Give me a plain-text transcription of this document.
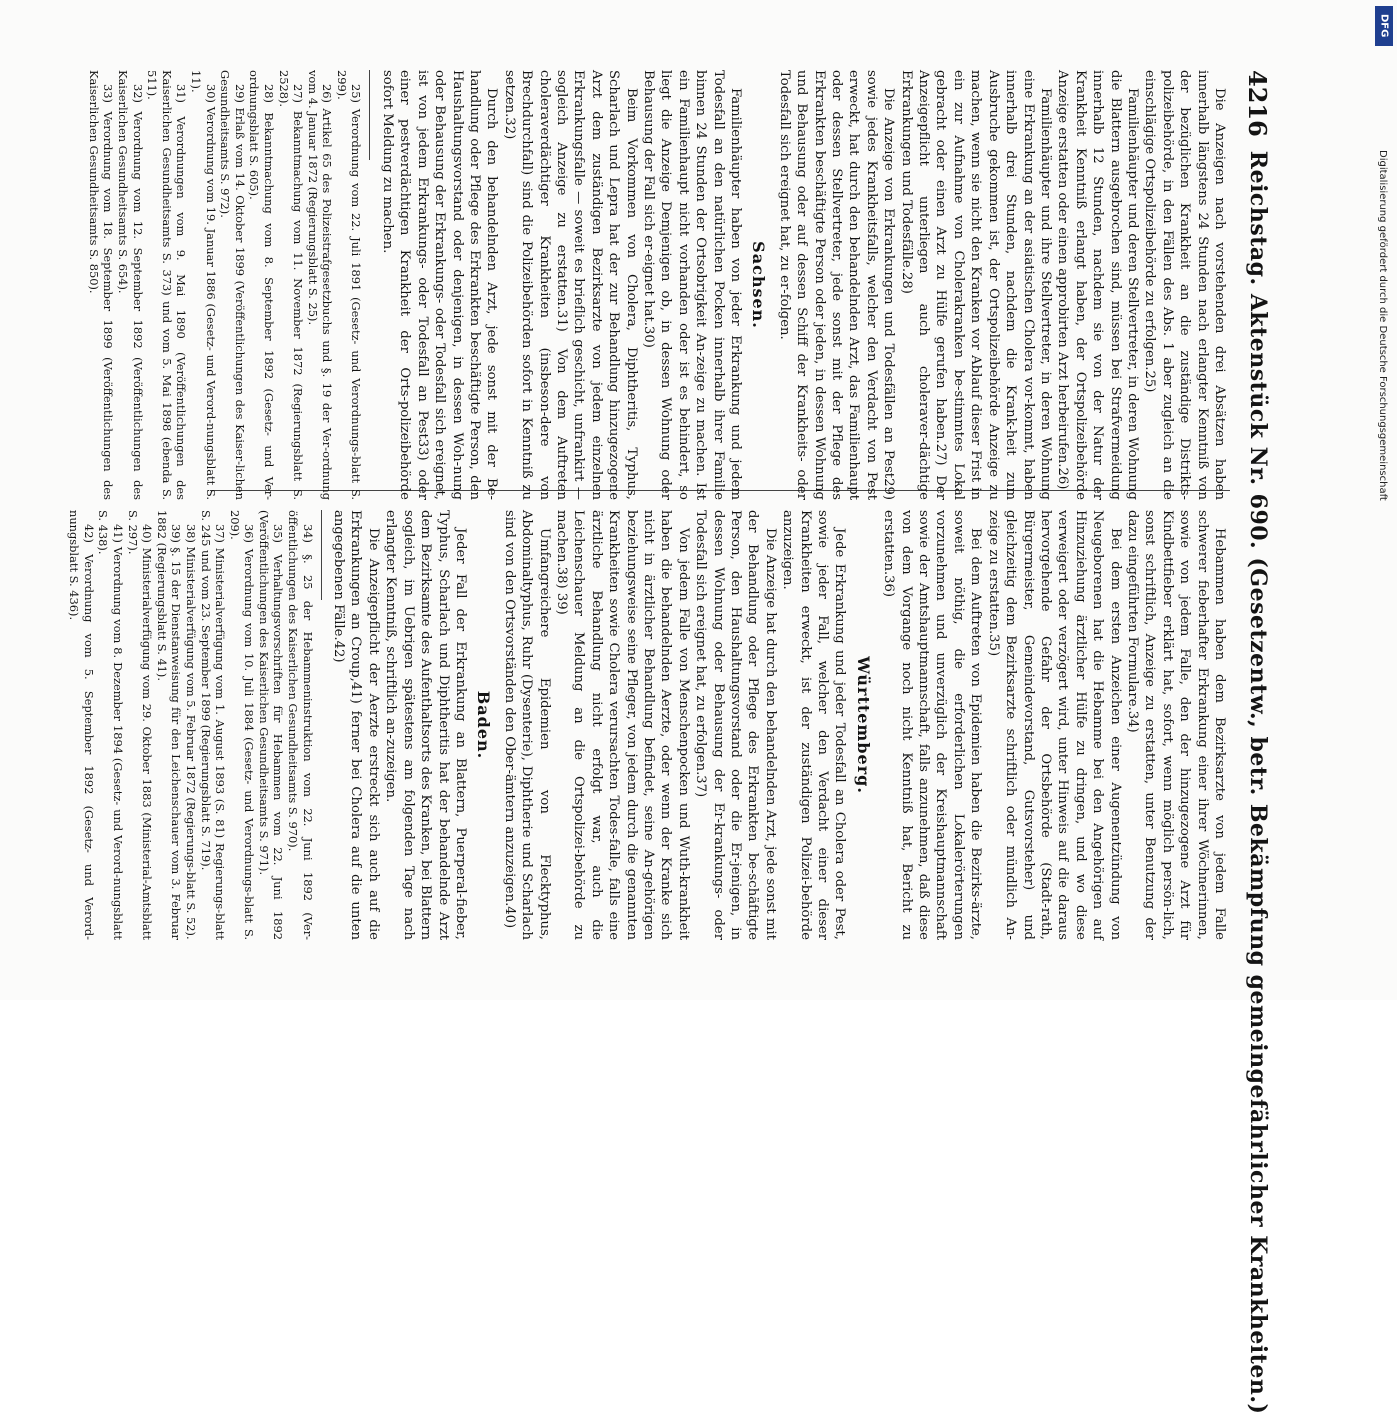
4216
Reichstag. Aktenstück Nr. 690. (Gesetzentw., betr. Bekämpfung gemeingefährlicher Krankheiten.)

Die Anzeigen nach vorstehenden drei Absätzen haben innerhalb längstens 24 Stunden nach erlangter Kenntniß von der bezüglichen Krankheit an die zuständige Distrikts-polizeibehörde, in den Fällen des Abs. 1 aber zugleich an die einschlägige Ortspolizeibehörde zu erfolgen.25)

Familienhäupter und deren Stellvertreter, in deren Wohnung die Blattern ausgebrochen sind, müssen bei Strafvermeidung innerhalb 12 Stunden, nachdem sie von der Natur der Krankheit Kenntniß erlangt haben, der Ortspolizeibehörde Anzeige erstatten oder einen approbirten Arzt herbeirufen.26)

Familienhäupter und ihre Stellvertreter, in deren Wohnung eine Erkrankung an der asiatischen Cholera vor-kommt, haben innerhalb drei Stunden, nachdem die Krank-heit zum Ausbruche gekommen ist, der Ortspolizeibehörde Anzeige zu machen, wenn sie nicht den Kranken vor Ablauf dieser Frist in ein zur Aufnahme von Cholerakranken be-stimmtes Lokal gebracht oder einen Arzt zu Hülfe gerufen haben.27) Der Anzeigepflicht unterliegen auch choleraver-dächtige Erkrankungen und Todesfälle.28)

Die Anzeige von Erkrankungen und Todesfällen an Pest29) sowie jedes Krankheitsfalls, welcher den Verdacht von Pest erweckt, hat durch den behandelnden Arzt, das Familienhaupt oder dessen Stellvertreter, jede sonst mit der Pflege des Erkrankten beschäftigte Person oder jeden, in dessen Wohnung und Behausung oder auf dessen Schiff der Krankheits- oder Todesfall sich ereignet hat, zu er-folgen.

Sachsen.

Familienhäupter haben von jeder Erkrankung und jedem Todesfall an den natürlichen Pocken innerhalb ihrer Familie binnen 24 Stunden der Ortsobrigkeit An-zeige zu machen. Ist ein Familienhaupt nicht vorhanden oder ist es behindert, so liegt die Anzeige Demjenigen ob, in dessen Wohnung oder Behausung der Fall sich er-eignet hat.30)

Beim Vorkommen von Cholera, Diphtheritis, Typhus, Scharlach und Lepra hat der zur Behandlung hinzugezogene Arzt dem zuständigen Bezirksarzte von jedem einzelnen Erkrankungsfalle — soweit es brieflich geschicht, unfrankirt — sogleich Anzeige zu erstatten.31) Von dem Auftreten choleraverdächtiger Krankheiten (insbeson-dere von Brechdurchfall) sind die Polizeibehörden sofort in Kenntniß zu setzen.32)

Durch den behandelnden Arzt, jede sonst mit der Be-handlung oder Pflege des Erkrankten beschäftigte Person, den Haushaltungsvorstand oder denjenigen, in dessen Woh-nung oder Behausung der Erkrankungs- oder Todesfall sich ereignet, ist von jedem Erkrankungs- oder Todesfall an Pest33) oder einer pestverdächtigen Krankheit der Orts-polizeibehörde sofort Meldung zu machen.

25) Verordnung vom 22. Juli 1891 (Gesetz- und Verordnungs-blatt S. 299).

26) Artikel 65 des Polizeistrafgesetzbuchs und §. 19 der Ver-ordnung vom 4. Januar 1872 (Regierungsblatt S. 25).

27) Bekanntmachung vom 11. November 1872 (Regierungsblatt S. 2528).

28) Bekanntmachung vom 8. September 1892 (Gesetz- und Ver-ordnungsblatt S. 605).

29) Erlaß vom 14. Oktober 1899 (Veröffentlichungen des Kaiser-lichen Gesundheitsamts S. 972).

30) Verordnung vom 19. Januar 1886 (Gesetz- und Verord-nungsblatt S. 11).

31) Verordnungen vom 9. Mai 1890 (Veröffentlichungen des Kaiserlichen Gesundheitsamts S. 373) und vom 5. Mai 1898 (ebenda S. 511).

32) Verordnung vom 12. September 1892 (Veröffentlichungen des Kaiserlichen Gesundheitsamts S. 654).

33) Verordnung vom 18. September 1899 (Veröffentlichungen des Kaiserlichen Gesundheitsamts S. 850).

Hebammen haben dem Bezirksarzte von jedem Falle schwerer fieberhafter Erkrankung einer ihrer Wöchnerinnen, sowie von jedem Falle, den der hinzugezogene Arzt für Kindbettfieber erklärt hat, sofort, wenn möglich persön-lich, sonst schriftlich, Anzeige zu erstatten, unter Benutzung der dazu eingeführten Formulare.34)

Bei dem ersten Anzeichen einer Augenentzündung von Neugeborenen hat die Hebamme bei den Angehörigen auf Hinzuziehung ärztlicher Hülfe zu dringen, und wo diese verweigert oder verzögert wird, unter Hinweis auf die daraus hervorgehende Gefahr der Ortsbehörde (Stadt-rath, Bürgermeister, Gemeindevorstand, Gutsvorsteher) und gleichzeitig dem Bezirksarzte schriftlich oder mündlich An-zeige zu erstatten.35)

Bei dem Auftreten von Epidemien haben die Bezirks-ärzte, soweit nöthig, die erforderlichen Lokalerörterungen vorzunehmen und unverzüglich der Kreishauptmannschaft sowie der Amtshauptmannschaft, falls anzunehmen, daß diese von dem Vorgange noch nicht Kenntniß hat, Bericht zu erstatten.36)

Württemberg.

Jede Erkrankung und jeder Todesfall an Cholera oder Pest, sowie jeder Fall, welcher den Verdacht einer dieser Krankheiten erweckt, ist der zuständigen Polizei-behörde anzuzeigen.

Die Anzeige hat durch den behandelnden Arzt, jede sonst mit der Behandlung oder Pflege des Erkrankten be-schäftigte Person, den Haushaltungsvorstand oder die Er-jenigen, in dessen Wohnung oder Behausung der Er-krankungs- oder Todesfall sich ereignet hat, zu erfolgen.37)

Von jedem Falle von Menschenpocken und Wuth-krankheit haben die behandelnden Aerzte, oder wenn der Kranke sich nicht in ärztlicher Behandlung befindet, seine An-gehörigen beziehungsweise seine Pfleger, von jedem durch die genannten Krankheiten sowie Cholera verursachten Todes-falle, falls eine ärztliche Behandlung nicht erfolgt war, auch die Leichenschauer Meldung an die Ortspolizei-behörde zu machen.38) 39)

Umfangreichere Epidemien von Flecktyphus, Abdominaltyphus, Ruhr (Dysenterie), Diphtherie und Scharlach sind von den Ortsvorständen den Ober-ämtern anzuzeigen.40)

Baden.

Jeder Fall der Erkrankung an Blattern, Puerperal-fieber, Typhus, Scharlach und Diphtheritis hat der behandelnde Arzt dem Bezirksamte des Aufenthaltsorts des Kranken, bei Blattern sogleich, im Uebrigen spätestens am folgenden Tage nach erlangter Kenntniß, schriftlich an-zuzeigen.

Die Anzeigepflicht der Aerzte erstreckt sich auch auf die Erkrankungen an Croup,41) ferner bei Cholera auf die unten angegebenen Fälle.42)

34) §. 25 der Hebammeninstruktion vom 22. Juni 1892 (Ver-öffentlichungen des Kaiserlichen Gesundheitsamts S. 970).

35) Verhaltungsvorschriften für Hebammen vom 22. Juni 1892 (Veröffentlichungen des Kaiserlichen Gesundheitsamts S. 971).

36) Verordnung vom 10. Juli 1884 (Gesetz- und Verordnungs-blatt S. 209).

37) Ministerialverfügung vom 1. August 1893 (S. 81) Regierungs-blatt S. 245 und vom 23. September 1899 (Regierungsblatt S. 719).

38) Ministerialverfügung vom 5. Februar 1872 (Regierungs-blatt S. 52).

39) §. 15 der Dienstanweisung für den Leichenschauer vom 3. Februar 1882 (Regierungsblatt S. 41).

40) Ministerialverfügung vom 29. Oktober 1883 (Ministerial-Amtsblatt S. 297).

41) Verordnung vom 8. Dezember 1894 (Gesetz- und Verord-nungsblatt S. 438).

42) Verordnung vom 5. September 1892 (Gesetz- und Verord-nungsblatt S. 436).

DFG
Digitalisierung gefördert durch die Deutsche Forschungsgemeinschaft
